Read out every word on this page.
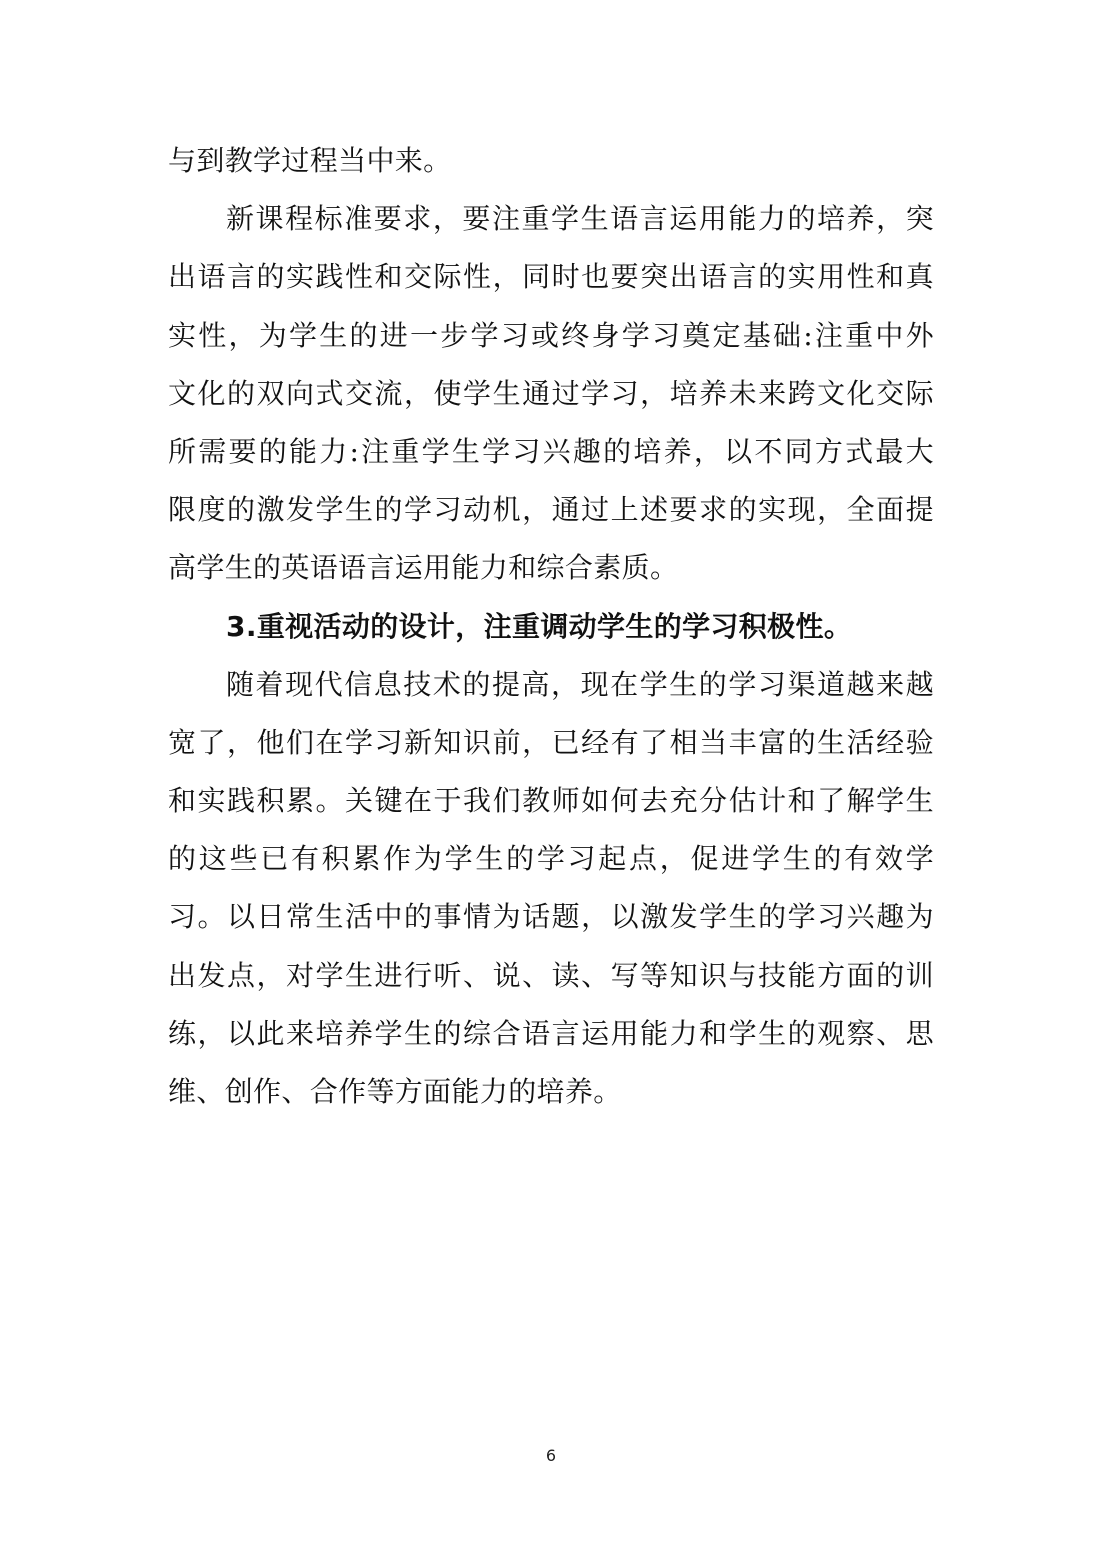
与到教学过程当中来。
新课程标准要求，要注重学生语言运用能力的培养，突
出语言的实践性和交际性，同时也要突出语言的实用性和真
实性，为学生的进一步学习或终身学习奠定基础:注重中外
文化的双向式交流，使学生通过学习，培养未来跨文化交际
所需要的能力:注重学生学习兴趣的培养，以不同方式最大
限度的激发学生的学习动机，通过上述要求的实现，全面提
高学生的英语语言运用能力和综合素质。
3.重视活动的设计，注重调动学生的学习积极性。
随着现代信息技术的提高，现在学生的学习渠道越来越
宽了，他们在学习新知识前，已经有了相当丰富的生活经验
和实践积累。关键在于我们教师如何去充分估计和了解学生
的这些已有积累作为学生的学习起点，促进学生的有效学
习。以日常生活中的事情为话题，以激发学生的学习兴趣为
出发点，对学生进行听、说、读、写等知识与技能方面的训
练，以此来培养学生的综合语言运用能力和学生的观察、思
维、创作、合作等方面能力的培养。
6
